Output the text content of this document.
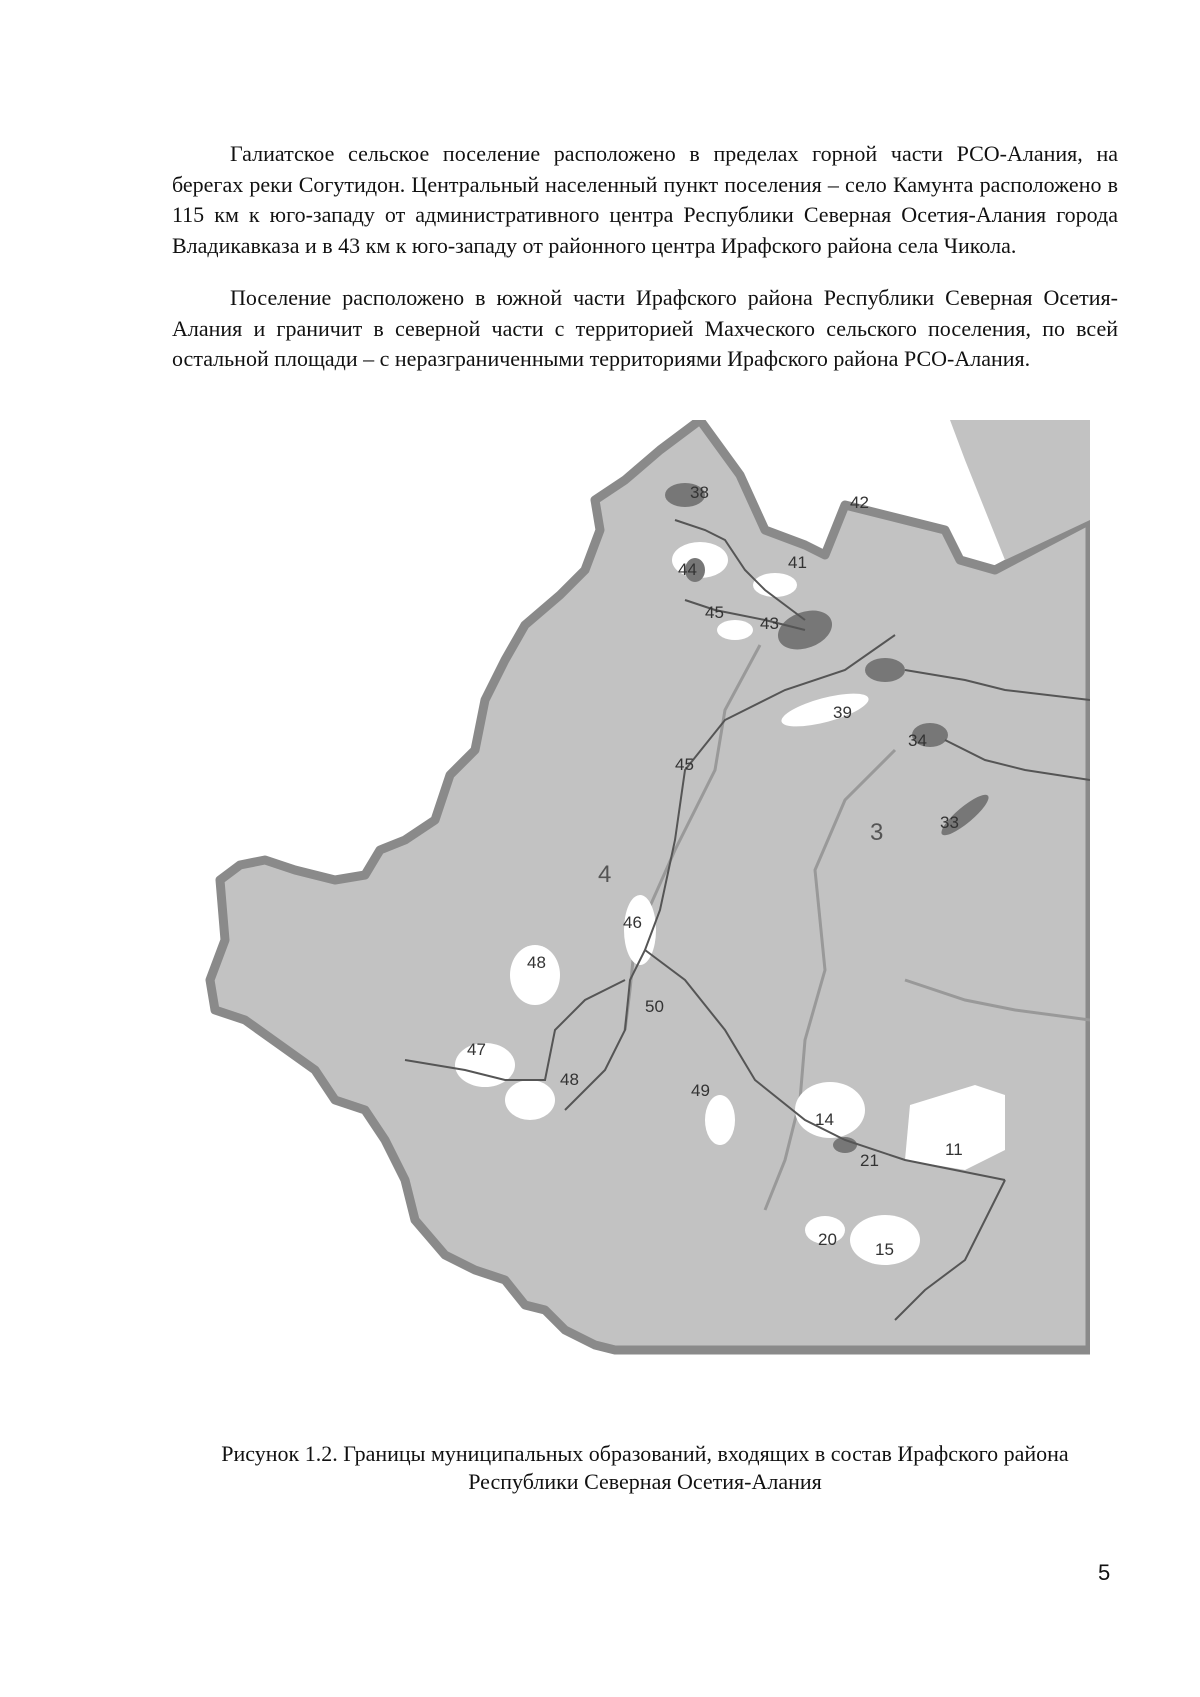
Галиатское сельское поселение расположено в пределах горной части РСО-Алания, на берегах реки Согутидон. Центральный населенный пункт поселения – село Камунта расположено в 115 км к юго-западу от административного центра Республики Северная Осетия-Алания города Владикавказа и в 43 км к юго-западу от районного центра Ирафского района села Чикола.

Поселение расположено в южной части Ирафского района Республики Северная Осетия-Алания и граничит в северной части с территорией Махческого сельского поселения, по всей остальной площади – с неразграниченными территориями Ирафского района РСО-Алания.

4
3
38
42
41
44
45
43
39
34
45
33
46
48
50
47
48
49
14
21
11
20
15

Рисунок 1.2. Границы муниципальных образований, входящих в состав Ирафского района
Республики Северная Осетия-Алания

5
